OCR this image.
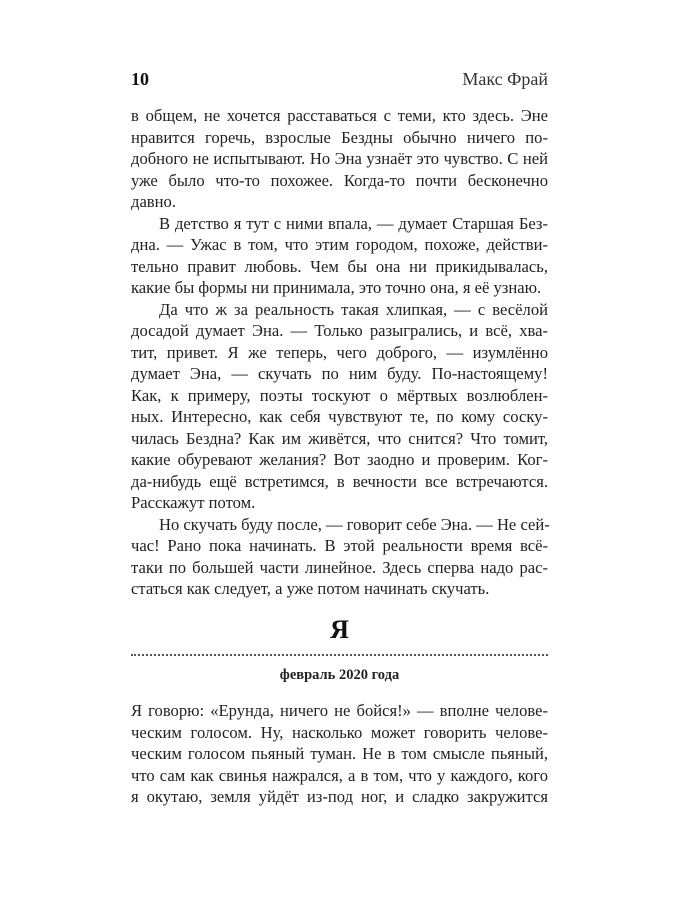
10	Макс Фрай
в общем, не хочется расставаться с теми, кто здесь. Эне
нравится горечь, взрослые Бездны обычно ничего по-
добного не испытывают. Но Эна узнаёт это чувство. С ней
уже было что-то похожее. Когда-то почти бесконечно
давно.
В детство я тут с ними впала, — думает Старшая Без-
дна. — Ужас в том, что этим городом, похоже, действи-
тельно правит любовь. Чем бы она ни прикидывалась,
какие бы формы ни принимала, это точно она, я её узнаю.
Да что ж за реальность такая хлипкая, — с весёлой
досадой думает Эна. — Только разыгрались, и всё, хва-
тит, привет. Я же теперь, чего доброго, — изумлённо
думает Эна, — скучать по ним буду. По-настоящему!
Как, к примеру, поэты тоскуют о мёртвых возлюблен-
ных. Интересно, как себя чувствуют те, по кому соску-
чилась Бездна? Как им живётся, что снится? Что томит,
какие обуревают желания? Вот заодно и проверим. Ког-
да-нибудь ещё встретимся, в вечности все встречаются.
Расскажут потом.
Но скучать буду после, — говорит себе Эна. — Не сей-
час! Рано пока начинать. В этой реальности время всё-
таки по большей части линейное. Здесь сперва надо рас-
статься как следует, а уже потом начинать скучать.
Я
февраль 2020 года
Я говорю: «Ерунда, ничего не бойся!» — вполне челове-
ческим голосом. Ну, насколько может говорить челове-
ческим голосом пьяный туман. Не в том смысле пьяный,
что сам как свинья нажрался, а в том, что у каждого, кого
я окутаю, земля уйдёт из-под ног, и сладко закружится
